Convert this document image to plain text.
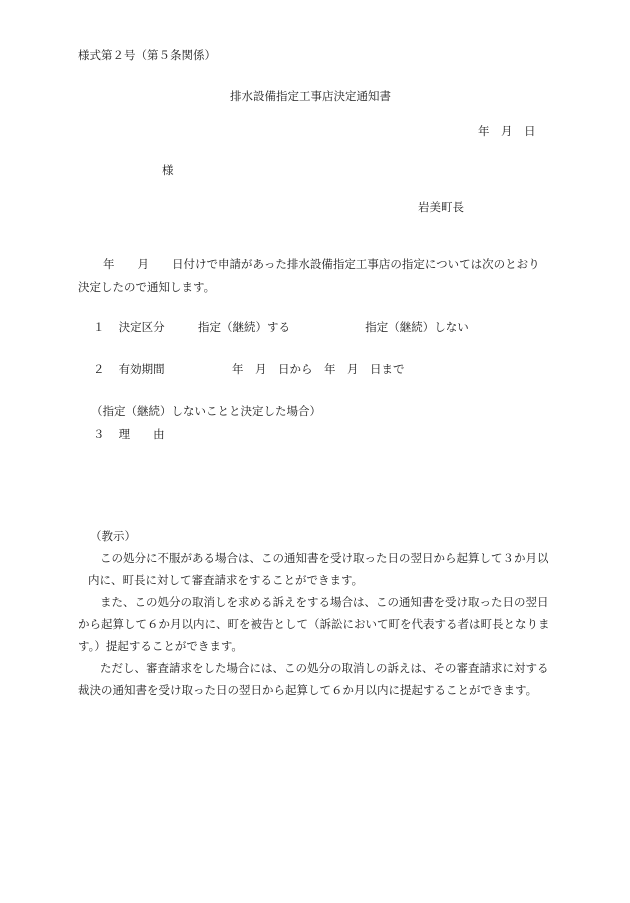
様式第２号（第５条関係）
排水設備指定工事店決定通知書
年　月　日
様
岩美町長
年　　月　　日付けで申請があった排水設備指定工事店の指定については次のとおり
決定したので通知します。
１ 決定区分	指定（継続）する	指定（継続）しない
２ 有効期間	年　月　日から　年　月　日まで
（指定（継続）しないことと決定した場合）
３ 理　　由

（教示）

この処分に不服がある場合は、この通知書を受け取った日の翌日から起算して３か月以内に、町長に対して審査請求をすることができます。

また、この処分の取消しを求める訴えをする場合は、この通知書を受け取った日の翌日から起算して６か月以内に、町を被告として（訴訟において町を代表する者は町長となります。）提起することができます。

ただし、審査請求をした場合には、この処分の取消しの訴えは、その審査請求に対する裁決の通知書を受け取った日の翌日から起算して６か月以内に提起することができます。
